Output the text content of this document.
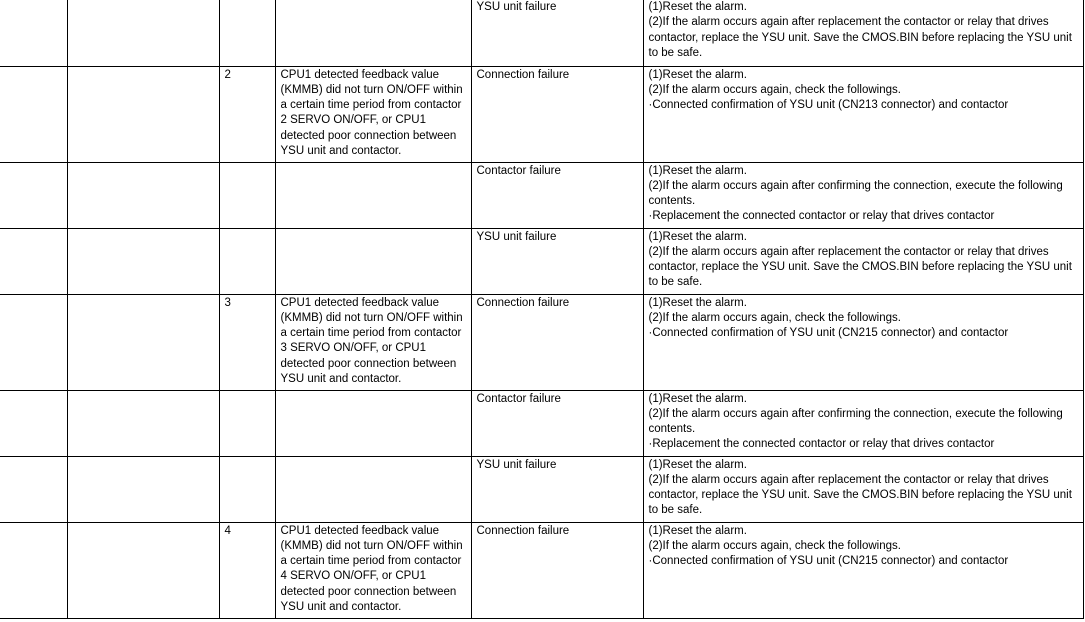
				YSU unit failure	(1)Reset the alarm.
(2)If the alarm occurs again after replacement the contactor or relay that drives contactor, replace the YSU unit. Save the CMOS.BIN before replacing the YSU unit to be safe.
		2	CPU1 detected feedback value (KMMB) did not turn ON/OFF within a certain time period from contactor 2 SERVO ON/OFF, or CPU1 detected poor connection between YSU unit and contactor.	Connection failure	(1)Reset the alarm.
(2)If the alarm occurs again, check the followings.
·Connected confirmation of YSU unit (CN213 connector) and contactor
				Contactor failure	(1)Reset the alarm.
(2)If the alarm occurs again after confirming the connection, execute the following contents.
·Replacement the connected contactor or relay that drives contactor
				YSU unit failure	(1)Reset the alarm.
(2)If the alarm occurs again after replacement the contactor or relay that drives contactor, replace the YSU unit. Save the CMOS.BIN before replacing the YSU unit to be safe.
		3	CPU1 detected feedback value (KMMB) did not turn ON/OFF within a certain time period from contactor 3 SERVO ON/OFF, or CPU1 detected poor connection between YSU unit and contactor.	Connection failure	(1)Reset the alarm.
(2)If the alarm occurs again, check the followings.
·Connected confirmation of YSU unit (CN215 connector) and contactor
				Contactor failure	(1)Reset the alarm.
(2)If the alarm occurs again after confirming the connection, execute the following contents.
·Replacement the connected contactor or relay that drives contactor
				YSU unit failure	(1)Reset the alarm.
(2)If the alarm occurs again after replacement the contactor or relay that drives contactor, replace the YSU unit. Save the CMOS.BIN before replacing the YSU unit to be safe.
		4	CPU1 detected feedback value (KMMB) did not turn ON/OFF within a certain time period from contactor 4 SERVO ON/OFF, or CPU1 detected poor connection between YSU unit and contactor.	Connection failure	(1)Reset the alarm.
(2)If the alarm occurs again, check the followings.
·Connected confirmation of YSU unit (CN215 connector) and contactor
